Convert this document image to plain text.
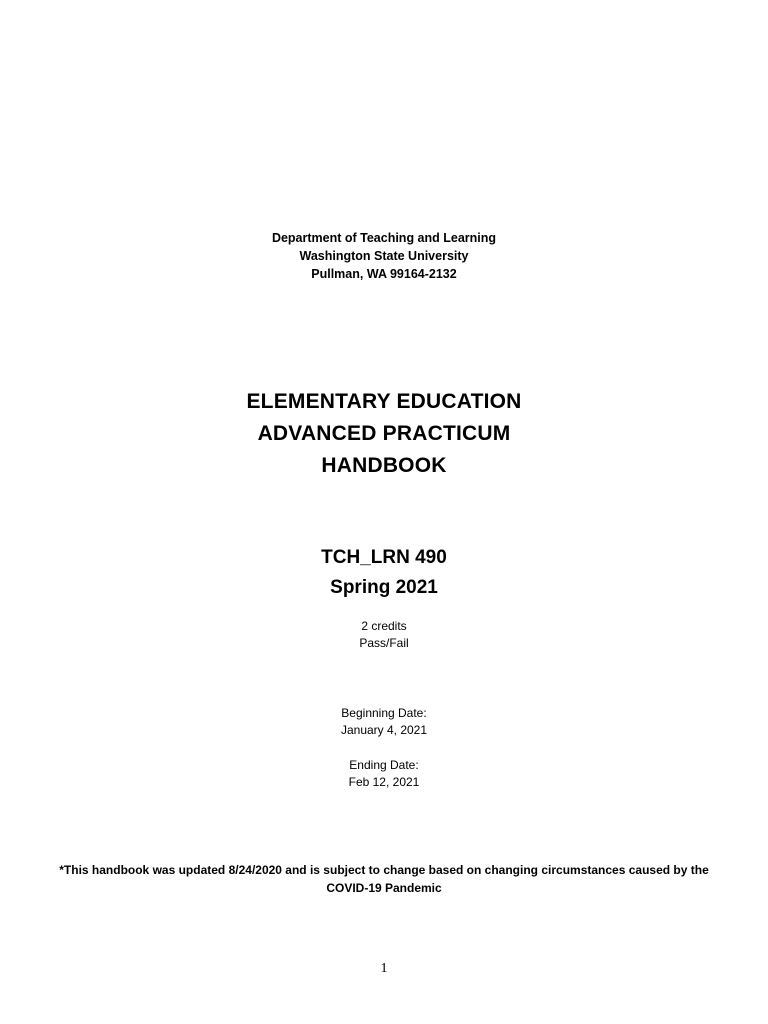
Department of Teaching and Learning
Washington State University
Pullman, WA 99164-2132
ELEMENTARY EDUCATION
ADVANCED PRACTICUM
HANDBOOK
TCH_LRN 490
Spring 2021
2 credits
Pass/Fail
Beginning Date:
January 4, 2021
Ending Date:
Feb 12, 2021
*This handbook was updated 8/24/2020 and is subject to change based on changing circumstances caused by the
COVID-19 Pandemic
1
